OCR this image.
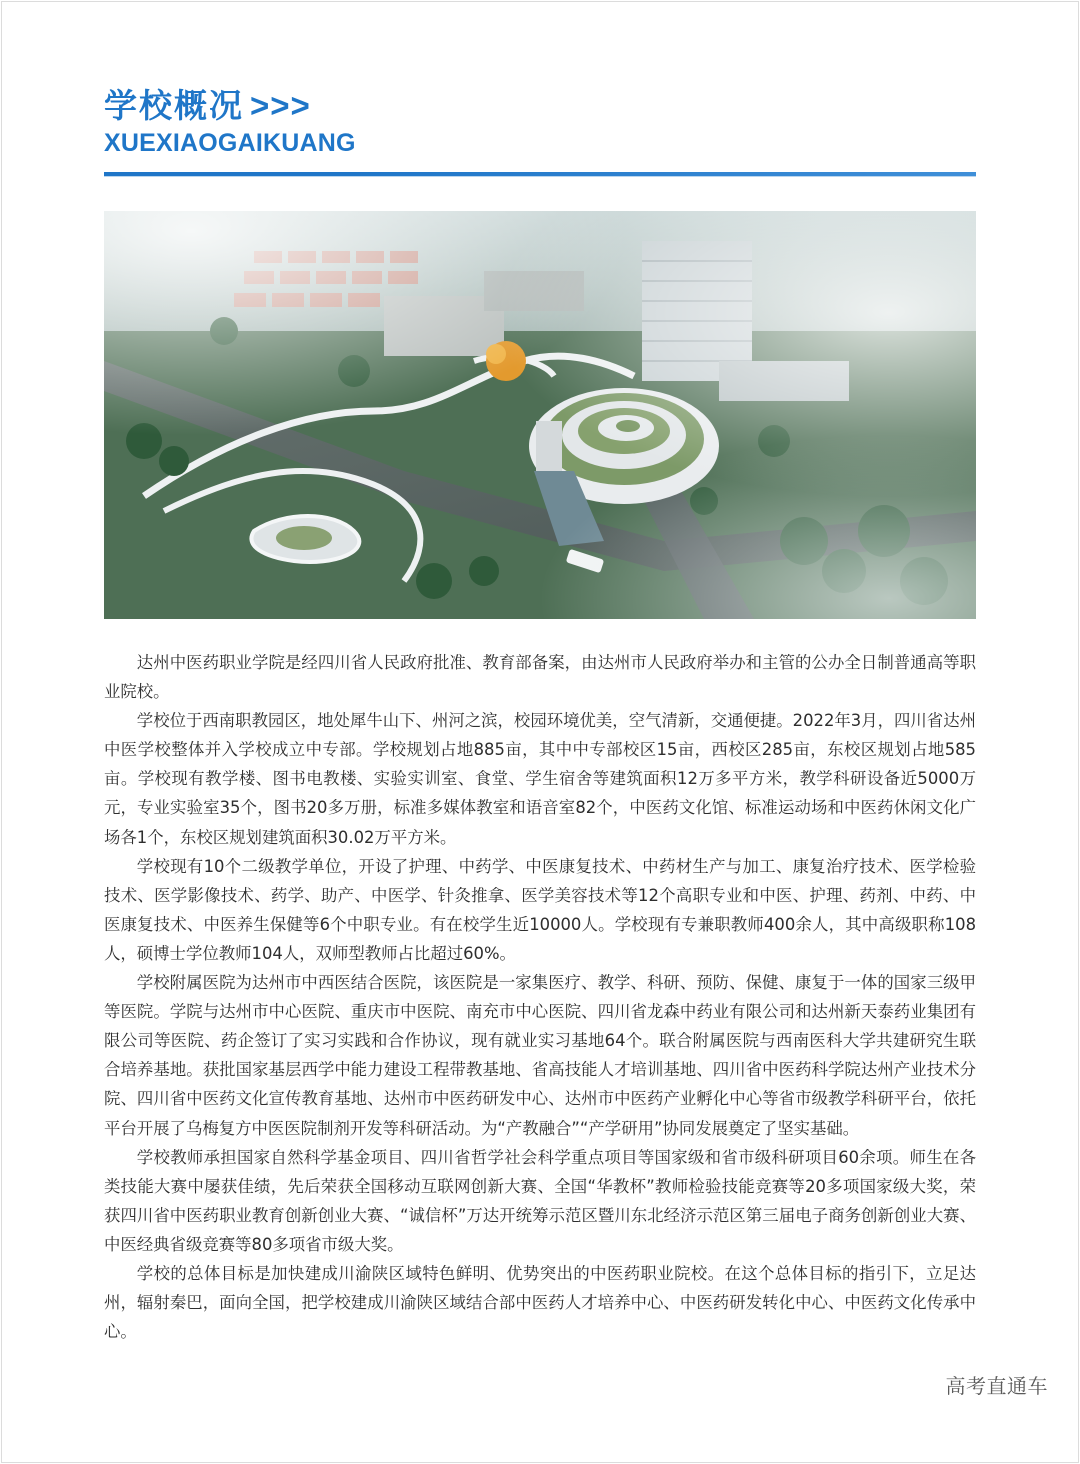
学校概况 >>>
XUEXIAOGAIKUANG

达州中医药职业学院是经四川省人民政府批准、教育部备案，由达州市人民政府举办和主管的公办全日制普通高等职业院校。

学校位于西南职教园区，地处犀牛山下、州河之滨，校园环境优美，空气清新，交通便捷。2022年3月，四川省达州中医学校整体并入学校成立中专部。学校规划占地885亩，其中中专部校区15亩，西校区285亩，东校区规划占地585亩。学校现有教学楼、图书电教楼、实验实训室、食堂、学生宿舍等建筑面积12万多平方米，教学科研设备近5000万元，专业实验室35个，图书20多万册，标准多媒体教室和语音室82个，中医药文化馆、标准运动场和中医药休闲文化广场各1个，东校区规划建筑面积30.02万平方米。

学校现有10个二级教学单位，开设了护理、中药学、中医康复技术、中药材生产与加工、康复治疗技术、医学检验技术、医学影像技术、药学、助产、中医学、针灸推拿、医学美容技术等12个高职专业和中医、护理、药剂、中药、中医康复技术、中医养生保健等6个中职专业。有在校学生近10000人。学校现有专兼职教师400余人，其中高级职称108人，硕博士学位教师104人，双师型教师占比超过60%。

学校附属医院为达州市中西医结合医院，该医院是一家集医疗、教学、科研、预防、保健、康复于一体的国家三级甲等医院。学院与达州市中心医院、重庆市中医院、南充市中心医院、四川省龙森中药业有限公司和达州新天泰药业集团有限公司等医院、药企签订了实习实践和合作协议，现有就业实习基地64个。联合附属医院与西南医科大学共建研究生联合培养基地。获批国家基层西学中能力建设工程带教基地、省高技能人才培训基地、四川省中医药科学院达州产业技术分院、四川省中医药文化宣传教育基地、达州市中医药研发中心、达州市中医药产业孵化中心等省市级教学科研平台，依托平台开展了乌梅复方中医医院制剂开发等科研活动。为“产教融合”“产学研用”协同发展奠定了坚实基础。

学校教师承担国家自然科学基金项目、四川省哲学社会科学重点项目等国家级和省市级科研项目60余项。师生在各类技能大赛中屡获佳绩，先后荣获全国移动互联网创新大赛、全国“华教杯”教师检验技能竞赛等20多项国家级大奖，荣获四川省中医药职业教育创新创业大赛、“诚信杯”万达开统筹示范区暨川东北经济示范区第三届电子商务创新创业大赛、中医经典省级竞赛等80多项省市级大奖。

学校的总体目标是加快建成川渝陕区域特色鲜明、优势突出的中医药职业院校。在这个总体目标的指引下，立足达州，辐射秦巴，面向全国，把学校建成川渝陕区域结合部中医药人才培养中心、中医药研发转化中心、中医药文化传承中心。

高考直通车
